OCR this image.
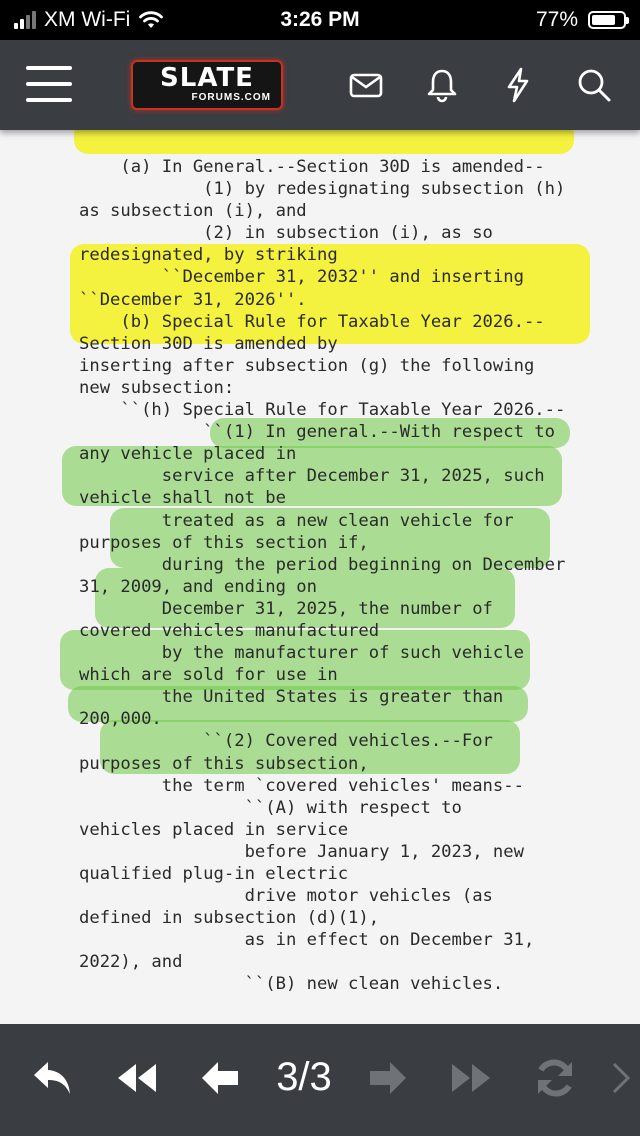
XM Wi-Fi	3:26 PM	77%
SLATE
FORUMS.COM
(a) In General.--Section 30D is amended--
(1) by redesignating subsection (h)
as subsection (i), and
(2) in subsection (i), as so
redesignated, by striking
``December 31, 2032'' and inserting
``December 31, 2026''.
(b) Special Rule for Taxable Year 2026.--
Section 30D is amended by
inserting after subsection (g) the following
new subsection:
``(h) Special Rule for Taxable Year 2026.--
``(1) In general.--With respect to
any vehicle placed in
service after December 31, 2025, such
vehicle shall not be
treated as a new clean vehicle for
purposes of this section if,
during the period beginning on December
31, 2009, and ending on
December 31, 2025, the number of
covered vehicles manufactured
by the manufacturer of such vehicle
which are sold for use in
the United States is greater than
200,000.
``(2) Covered vehicles.--For
purposes of this subsection,
the term `covered vehicles' means--
``(A) with respect to
vehicles placed in service
before January 1, 2023, new
qualified plug-in electric
drive motor vehicles (as
defined in subsection (d)(1),
as in effect on December 31,
2022), and
``(B) new clean vehicles.
3/3
